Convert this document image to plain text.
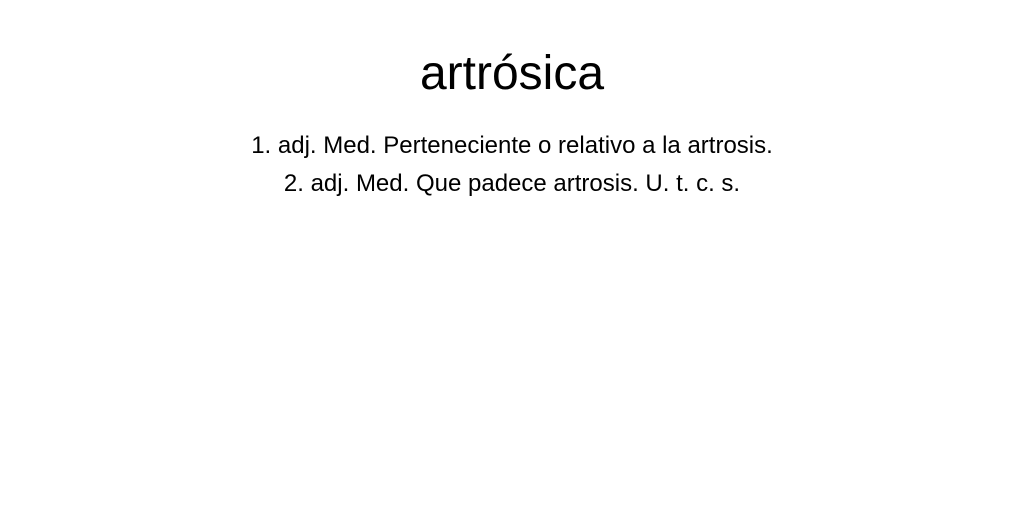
artrósica
1. adj. Med. Perteneciente o relativo a la artrosis.
2. adj. Med. Que padece artrosis. U. t. c. s.
